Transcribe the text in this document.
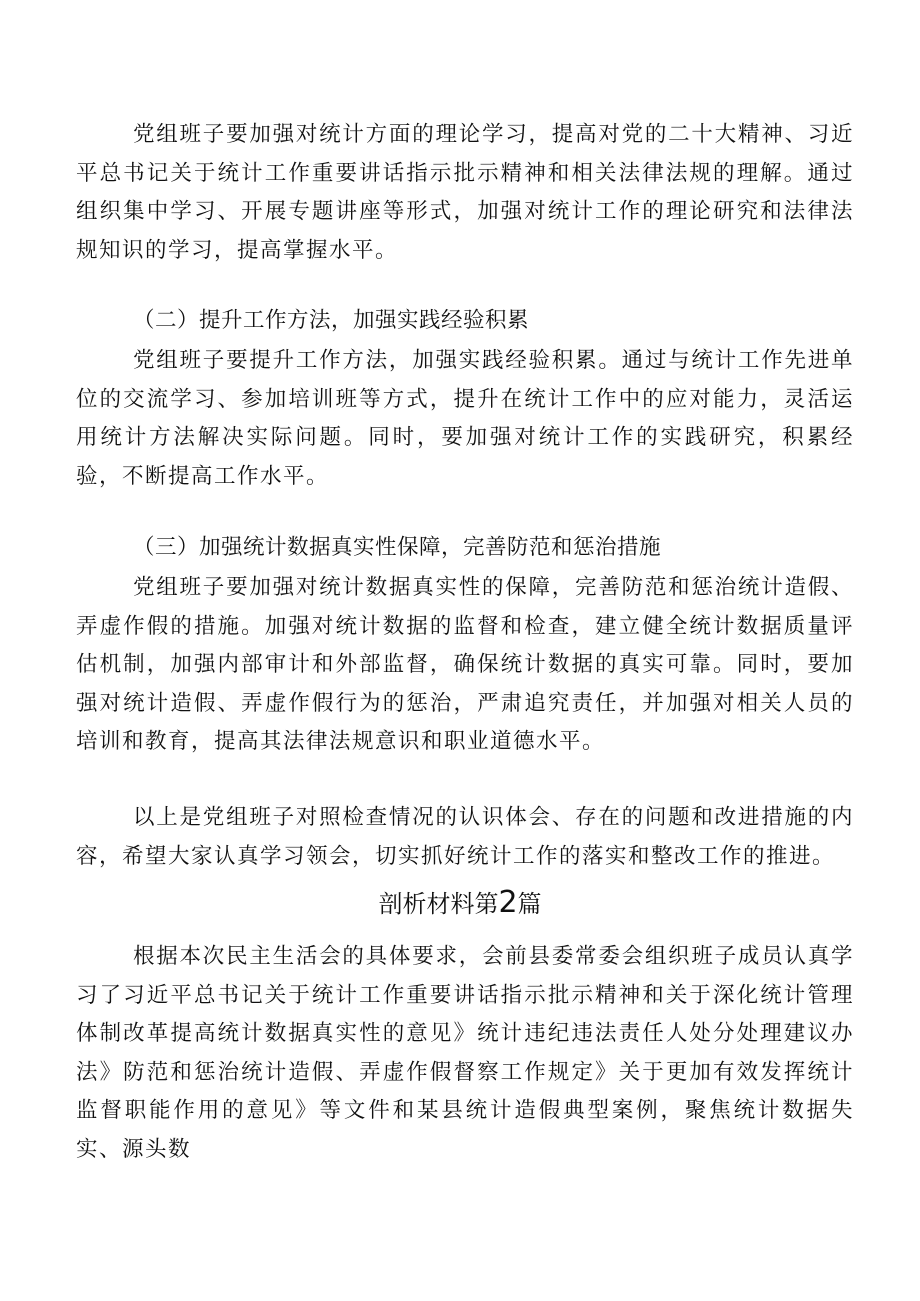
党组班子要加强对统计方面的理论学习，提高对党的二十大精神、习近平总书记关于统计工作重要讲话指示批示精神和相关法律法规的理解。通过组织集中学习、开展专题讲座等形式，加强对统计工作的理论研究和法律法规知识的学习，提高掌握水平。

（二）提升工作方法，加强实践经验积累

党组班子要提升工作方法，加强实践经验积累。通过与统计工作先进单位的交流学习、参加培训班等方式，提升在统计工作中的应对能力，灵活运用统计方法解决实际问题。同时，要加强对统计工作的实践研究，积累经验，不断提高工作水平。

（三）加强统计数据真实性保障，完善防范和惩治措施

党组班子要加强对统计数据真实性的保障，完善防范和惩治统计造假、弄虚作假的措施。加强对统计数据的监督和检查，建立健全统计数据质量评估机制，加强内部审计和外部监督，确保统计数据的真实可靠。同时，要加强对统计造假、弄虚作假行为的惩治，严肃追究责任，并加强对相关人员的培训和教育，提高其法律法规意识和职业道德水平。

以上是党组班子对照检查情况的认识体会、存在的问题和改进措施的内容，希望大家认真学习领会，切实抓好统计工作的落实和整改工作的推进。

剖析材料第2篇

根据本次民主生活会的具体要求，会前县委常委会组织班子成员认真学习了习近平总书记关于统计工作重要讲话指示批示精神和关于深化统计管理体制改革提高统计数据真实性的意见》统计违纪违法责任人处分处理建议办法》防范和惩治统计造假、弄虚作假督察工作规定》关于更加有效发挥统计监督职能作用的意见》等文件和某县统计造假典型案例，聚焦统计数据失实、源头数
